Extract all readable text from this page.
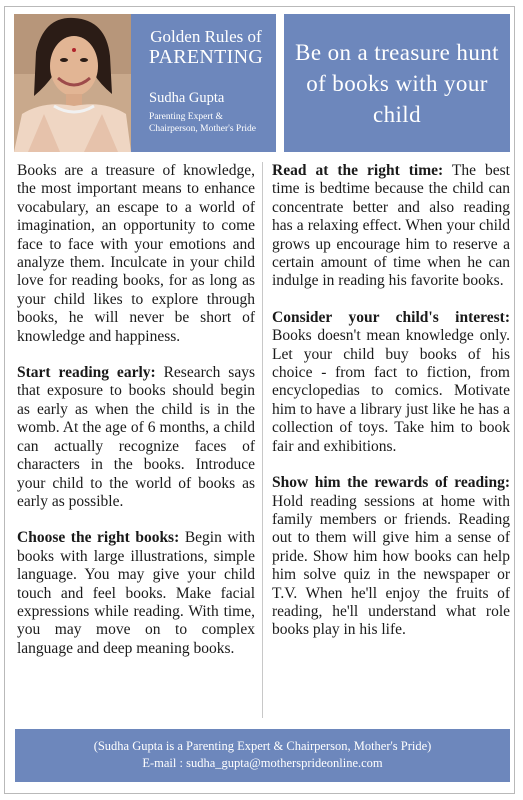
Golden Rules of
PARENTING
Sudha Gupta
Parenting Expert &
Chairperson, Mother's Pride
Be on a treasure hunt of books with your child

Books are a treasure of knowledge, the most important means to enhance vocabulary, an escape to a world of imagination, an opportunity to come face to face with your emotions and analyze them. Inculcate in your child love for reading books, for as long as your child likes to explore through books, he will never be short of knowledge and happiness.

Start reading early: Research says that exposure to books should begin as early as when the child is in the womb. At the age of 6 months, a child can actually recognize faces of characters in the books. Introduce your child to the world of books as early as possible.

Choose the right books: Begin with books with large illustrations, simple language. You may give your child touch and feel books. Make facial expressions while reading. With time, you may move on to complex language and deep meaning books.

Read at the right time: The best time is bedtime because the child can concentrate better and also reading has a relaxing effect. When your child grows up encourage him to reserve a certain amount of time when he can indulge in reading his favorite books.

Consider your child's interest: Books doesn't mean knowledge only. Let your child buy books of his choice - from fact to fiction, from encyclopedias to comics. Motivate him to have a library just like he has a collection of toys. Take him to book fair and exhibitions.

Show him the rewards of reading: Hold reading sessions at home with family members or friends. Reading out to them will give him a sense of pride. Show him how books can help him solve quiz in the newspaper or T.V. When he'll enjoy the fruits of reading, he'll understand what role books play in his life.

(Sudha Gupta is a Parenting Expert & Chairperson, Mother's Pride)
E-mail : sudha_gupta@mothersprideonline.com
